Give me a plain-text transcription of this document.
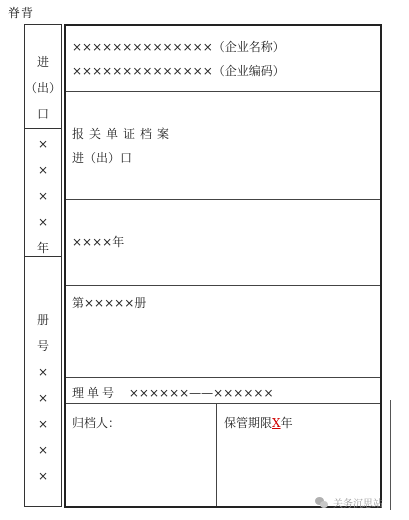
脊背
进
（出）
口
×
×
×
×
年
册
号
×
×
×
×
×
××××××××××××××（企业名称）
××××××××××××××（企业编码）
报关单证档案
进（出）口
××××年
第×××××册
理单号 ××××××——××××××
归档人：	保管期限X年
关务沉思站
